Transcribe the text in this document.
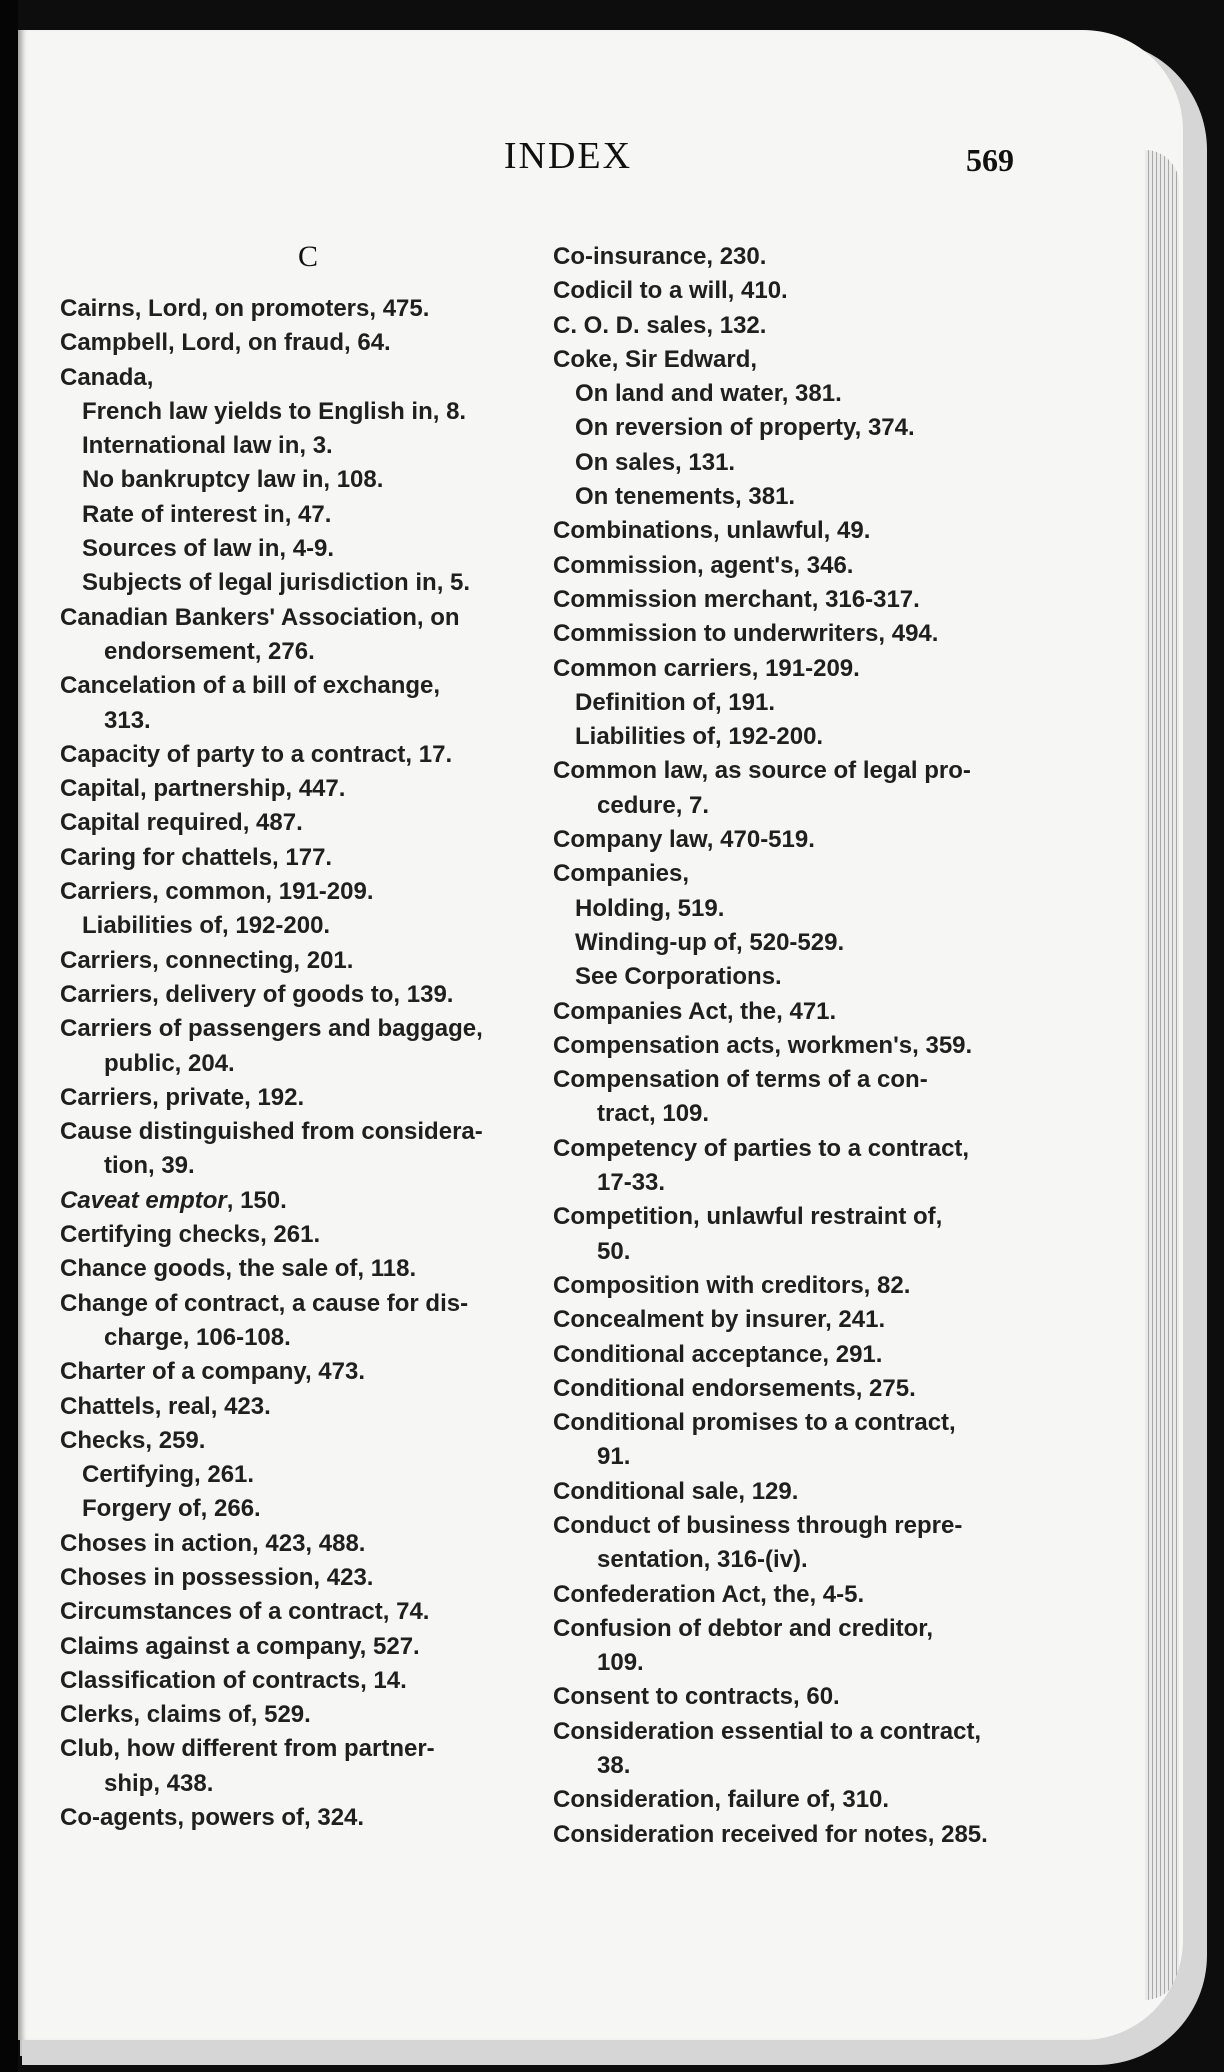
INDEX	569
C
Cairns, Lord, on promoters, 475.
Campbell, Lord, on fraud, 64.
Canada,
French law yields to English in, 8.
International law in, 3.
No bankruptcy law in, 108.
Rate of interest in, 47.
Sources of law in, 4-9.
Subjects of legal jurisdiction in, 5.
Canadian Bankers' Association, on
endorsement, 276.
Cancelation of a bill of exchange,
313.
Capacity of party to a contract, 17.
Capital, partnership, 447.
Capital required, 487.
Caring for chattels, 177.
Carriers, common, 191-209.
Liabilities of, 192-200.
Carriers, connecting, 201.
Carriers, delivery of goods to, 139.
Carriers of passengers and baggage,
public, 204.
Carriers, private, 192.
Cause distinguished from considera-
tion, 39.
Caveat emptor, 150.
Certifying checks, 261.
Chance goods, the sale of, 118.
Change of contract, a cause for dis-
charge, 106-108.
Charter of a company, 473.
Chattels, real, 423.
Checks, 259.
Certifying, 261.
Forgery of, 266.
Choses in action, 423, 488.
Choses in possession, 423.
Circumstances of a contract, 74.
Claims against a company, 527.
Classification of contracts, 14.
Clerks, claims of, 529.
Club, how different from partner-
ship, 438.
Co-agents, powers of, 324.
Co-insurance, 230.
Codicil to a will, 410.
C. O. D. sales, 132.
Coke, Sir Edward,
On land and water, 381.
On reversion of property, 374.
On sales, 131.
On tenements, 381.
Combinations, unlawful, 49.
Commission, agent's, 346.
Commission merchant, 316-317.
Commission to underwriters, 494.
Common carriers, 191-209.
Definition of, 191.
Liabilities of, 192-200.
Common law, as source of legal pro-
cedure, 7.
Company law, 470-519.
Companies,
Holding, 519.
Winding-up of, 520-529.
See Corporations.
Companies Act, the, 471.
Compensation acts, workmen's, 359.
Compensation of terms of a con-
tract, 109.
Competency of parties to a contract,
17-33.
Competition, unlawful restraint of,
50.
Composition with creditors, 82.
Concealment by insurer, 241.
Conditional acceptance, 291.
Conditional endorsements, 275.
Conditional promises to a contract,
91.
Conditional sale, 129.
Conduct of business through repre-
sentation, 316-(iv).
Confederation Act, the, 4-5.
Confusion of debtor and creditor,
109.
Consent to contracts, 60.
Consideration essential to a contract,
38.
Consideration, failure of, 310.
Consideration received for notes, 285.
